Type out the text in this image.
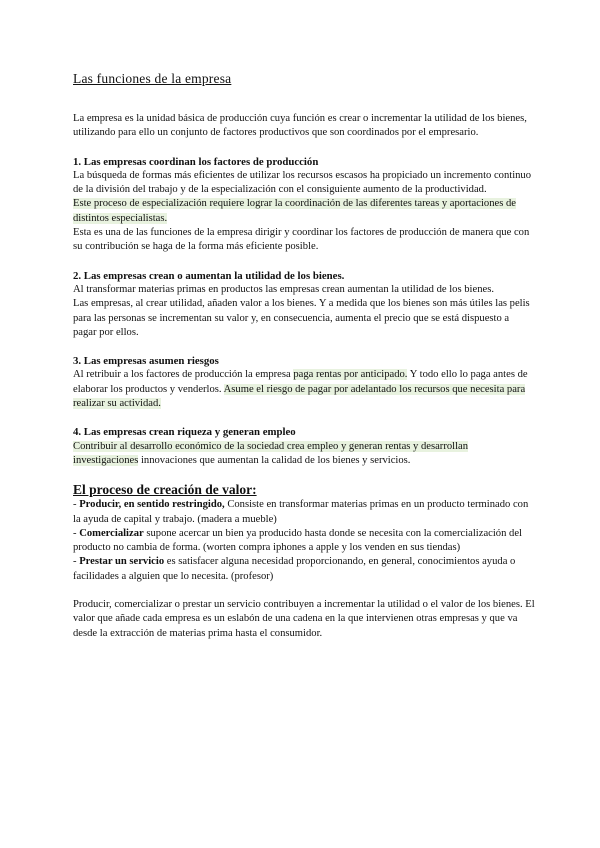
Las funciones de la empresa

La empresa es la unidad básica de producción cuya función es crear o incrementar la utilidad de los bienes, utilizando para ello un conjunto de factores productivos que son coordinados por el empresario.

1. Las empresas coordinan los factores de producción

La búsqueda de formas más eficientes de utilizar los recursos escasos ha propiciado un incremento continuo de la división del trabajo y de la especialización con el consiguiente aumento de la productividad.

Este proceso de especialización requiere lograr la coordinación de las diferentes tareas y aportaciones de distintos especialistas.

Esta es una de las funciones de la empresa dirigir y coordinar los factores de producción de manera que con su contribución se haga de la forma más eficiente posible.

2. Las empresas crean o aumentan la utilidad de los bienes.

Al transformar materias primas en productos las empresas crean aumentan la utilidad de los bienes.

Las empresas, al crear utilidad, añaden valor a los bienes. Y a medida que los bienes son más útiles las pelis para las personas se incrementan su valor y, en consecuencia, aumenta el precio que se está dispuesto a pagar por ellos.

3. Las empresas asumen riesgos

Al retribuir a los factores de producción la empresa paga rentas por anticipado. Y todo ello lo paga antes de elaborar los productos y venderlos. Asume el riesgo de pagar por adelantado los recursos que necesita para realizar su actividad.

4. Las empresas crean riqueza y generan empleo

Contribuir al desarrollo económico de la sociedad crea empleo y generan rentas y desarrollan investigaciones innovaciones que aumentan la calidad de los bienes y servicios.

El proceso de creación de valor:

- Producir, en sentido restringido, Consiste en transformar materias primas en un producto terminado con la ayuda de capital y trabajo. (madera a mueble)

- Comercializar supone acercar un bien ya producido hasta donde se necesita con la comercialización del producto no cambia de forma. (worten compra iphones a apple y los venden en sus tiendas)

- Prestar un servicio es satisfacer alguna necesidad proporcionando, en general, conocimientos ayuda o facilidades a alguien que lo necesita. (profesor)

Producir, comercializar o prestar un servicio contribuyen a incrementar la utilidad o el valor de los bienes. El valor que añade cada empresa es un eslabón de una cadena en la que intervienen otras empresas y que va desde la extracción de materias prima hasta el consumidor.
